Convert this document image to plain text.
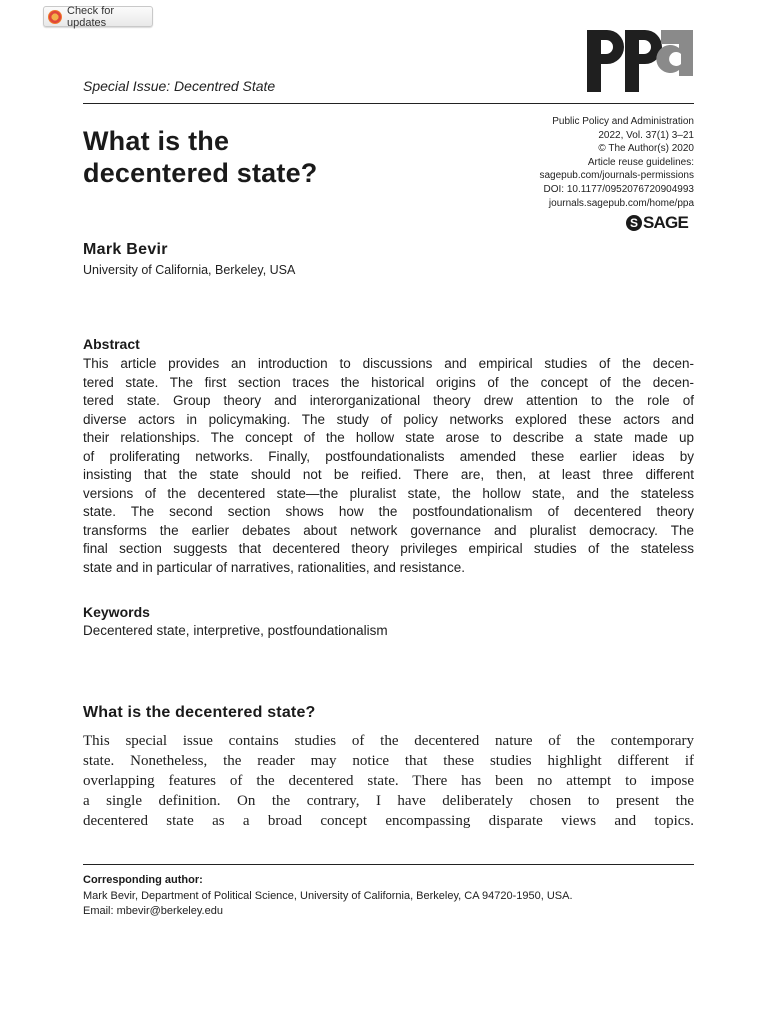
Check for updates
Special Issue: Decentred State
What is the
decentered state?
Public Policy and Administration
2022, Vol. 37(1) 3–21
© The Author(s) 2020
Article reuse guidelines:
sagepub.com/journals-permissions
DOI: 10.1177/0952076720904993
journals.sagepub.com/home/ppa
S SAGE
Mark Bevir
University of California, Berkeley, USA
Abstract
This article provides an introduction to discussions and empirical studies of the decen-
tered state. The first section traces the historical origins of the concept of the decen-
tered state. Group theory and interorganizational theory drew attention to the role of
diverse actors in policymaking. The study of policy networks explored these actors and
their relationships. The concept of the hollow state arose to describe a state made up
of proliferating networks. Finally, postfoundationalists amended these earlier ideas by
insisting that the state should not be reified. There are, then, at least three different
versions of the decentered state—the pluralist state, the hollow state, and the stateless
state. The second section shows how the postfoundationalism of decentered theory
transforms the earlier debates about network governance and pluralist democracy. The
final section suggests that decentered theory privileges empirical studies of the stateless
state and in particular of narratives, rationalities, and resistance.
Keywords
Decentered state, interpretive, postfoundationalism
What is the decentered state?
This special issue contains studies of the decentered nature of the contemporary
state. Nonetheless, the reader may notice that these studies highlight different if
overlapping features of the decentered state. There has been no attempt to impose
a single definition. On the contrary, I have deliberately chosen to present the
decentered state as a broad concept encompassing disparate views and topics.
Corresponding author:
Mark Bevir, Department of Political Science, University of California, Berkeley, CA 94720-1950, USA.
Email: mbevir@berkeley.edu
